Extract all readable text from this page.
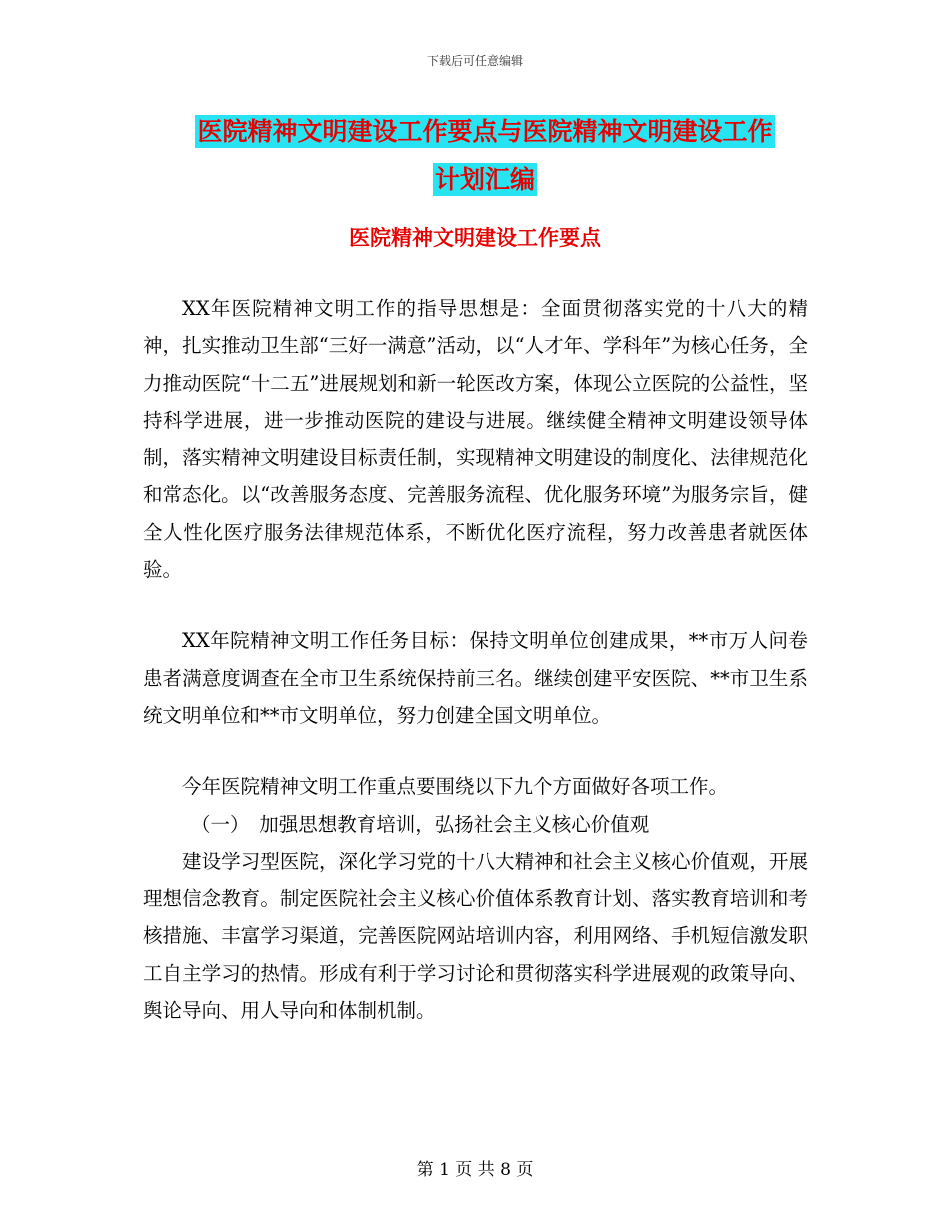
下载后可任意编辑
医院精神文明建设工作要点与医院精神文明建设工作
计划汇编
医院精神文明建设工作要点

XX年医院精神文明工作的指导思想是：全面贯彻落实党的十八大的精神，扎实推动卫生部“三好一满意”活动，以“人才年、学科年”为核心任务，全力推动医院“十二五”进展规划和新一轮医改方案，体现公立医院的公益性，坚持科学进展，进一步推动医院的建设与进展。继续健全精神文明建设领导体制，落实精神文明建设目标责任制，实现精神文明建设的制度化、法律规范化和常态化。以“改善服务态度、完善服务流程、优化服务环境”为服务宗旨，健全人性化医疗服务法律规范体系，不断优化医疗流程，努力改善患者就医体验。

XX年院精神文明工作任务目标：保持文明单位创建成果，**市万人问卷患者满意度调查在全市卫生系统保持前三名。继续创建平安医院、**市卫生系统文明单位和**市文明单位，努力创建全国文明单位。

今年医院精神文明工作重点要围绕以下九个方面做好各项工作。

（一）　加强思想教育培训，弘扬社会主义核心价值观

建设学习型医院，深化学习党的十八大精神和社会主义核心价值观，开展理想信念教育。制定医院社会主义核心价值体系教育计划、落实教育培训和考核措施、丰富学习渠道，完善医院网站培训内容，利用网络、手机短信激发职工自主学习的热情。形成有利于学习讨论和贯彻落实科学进展观的政策导向、舆论导向、用人导向和体制机制。

第 1 页 共 8 页
